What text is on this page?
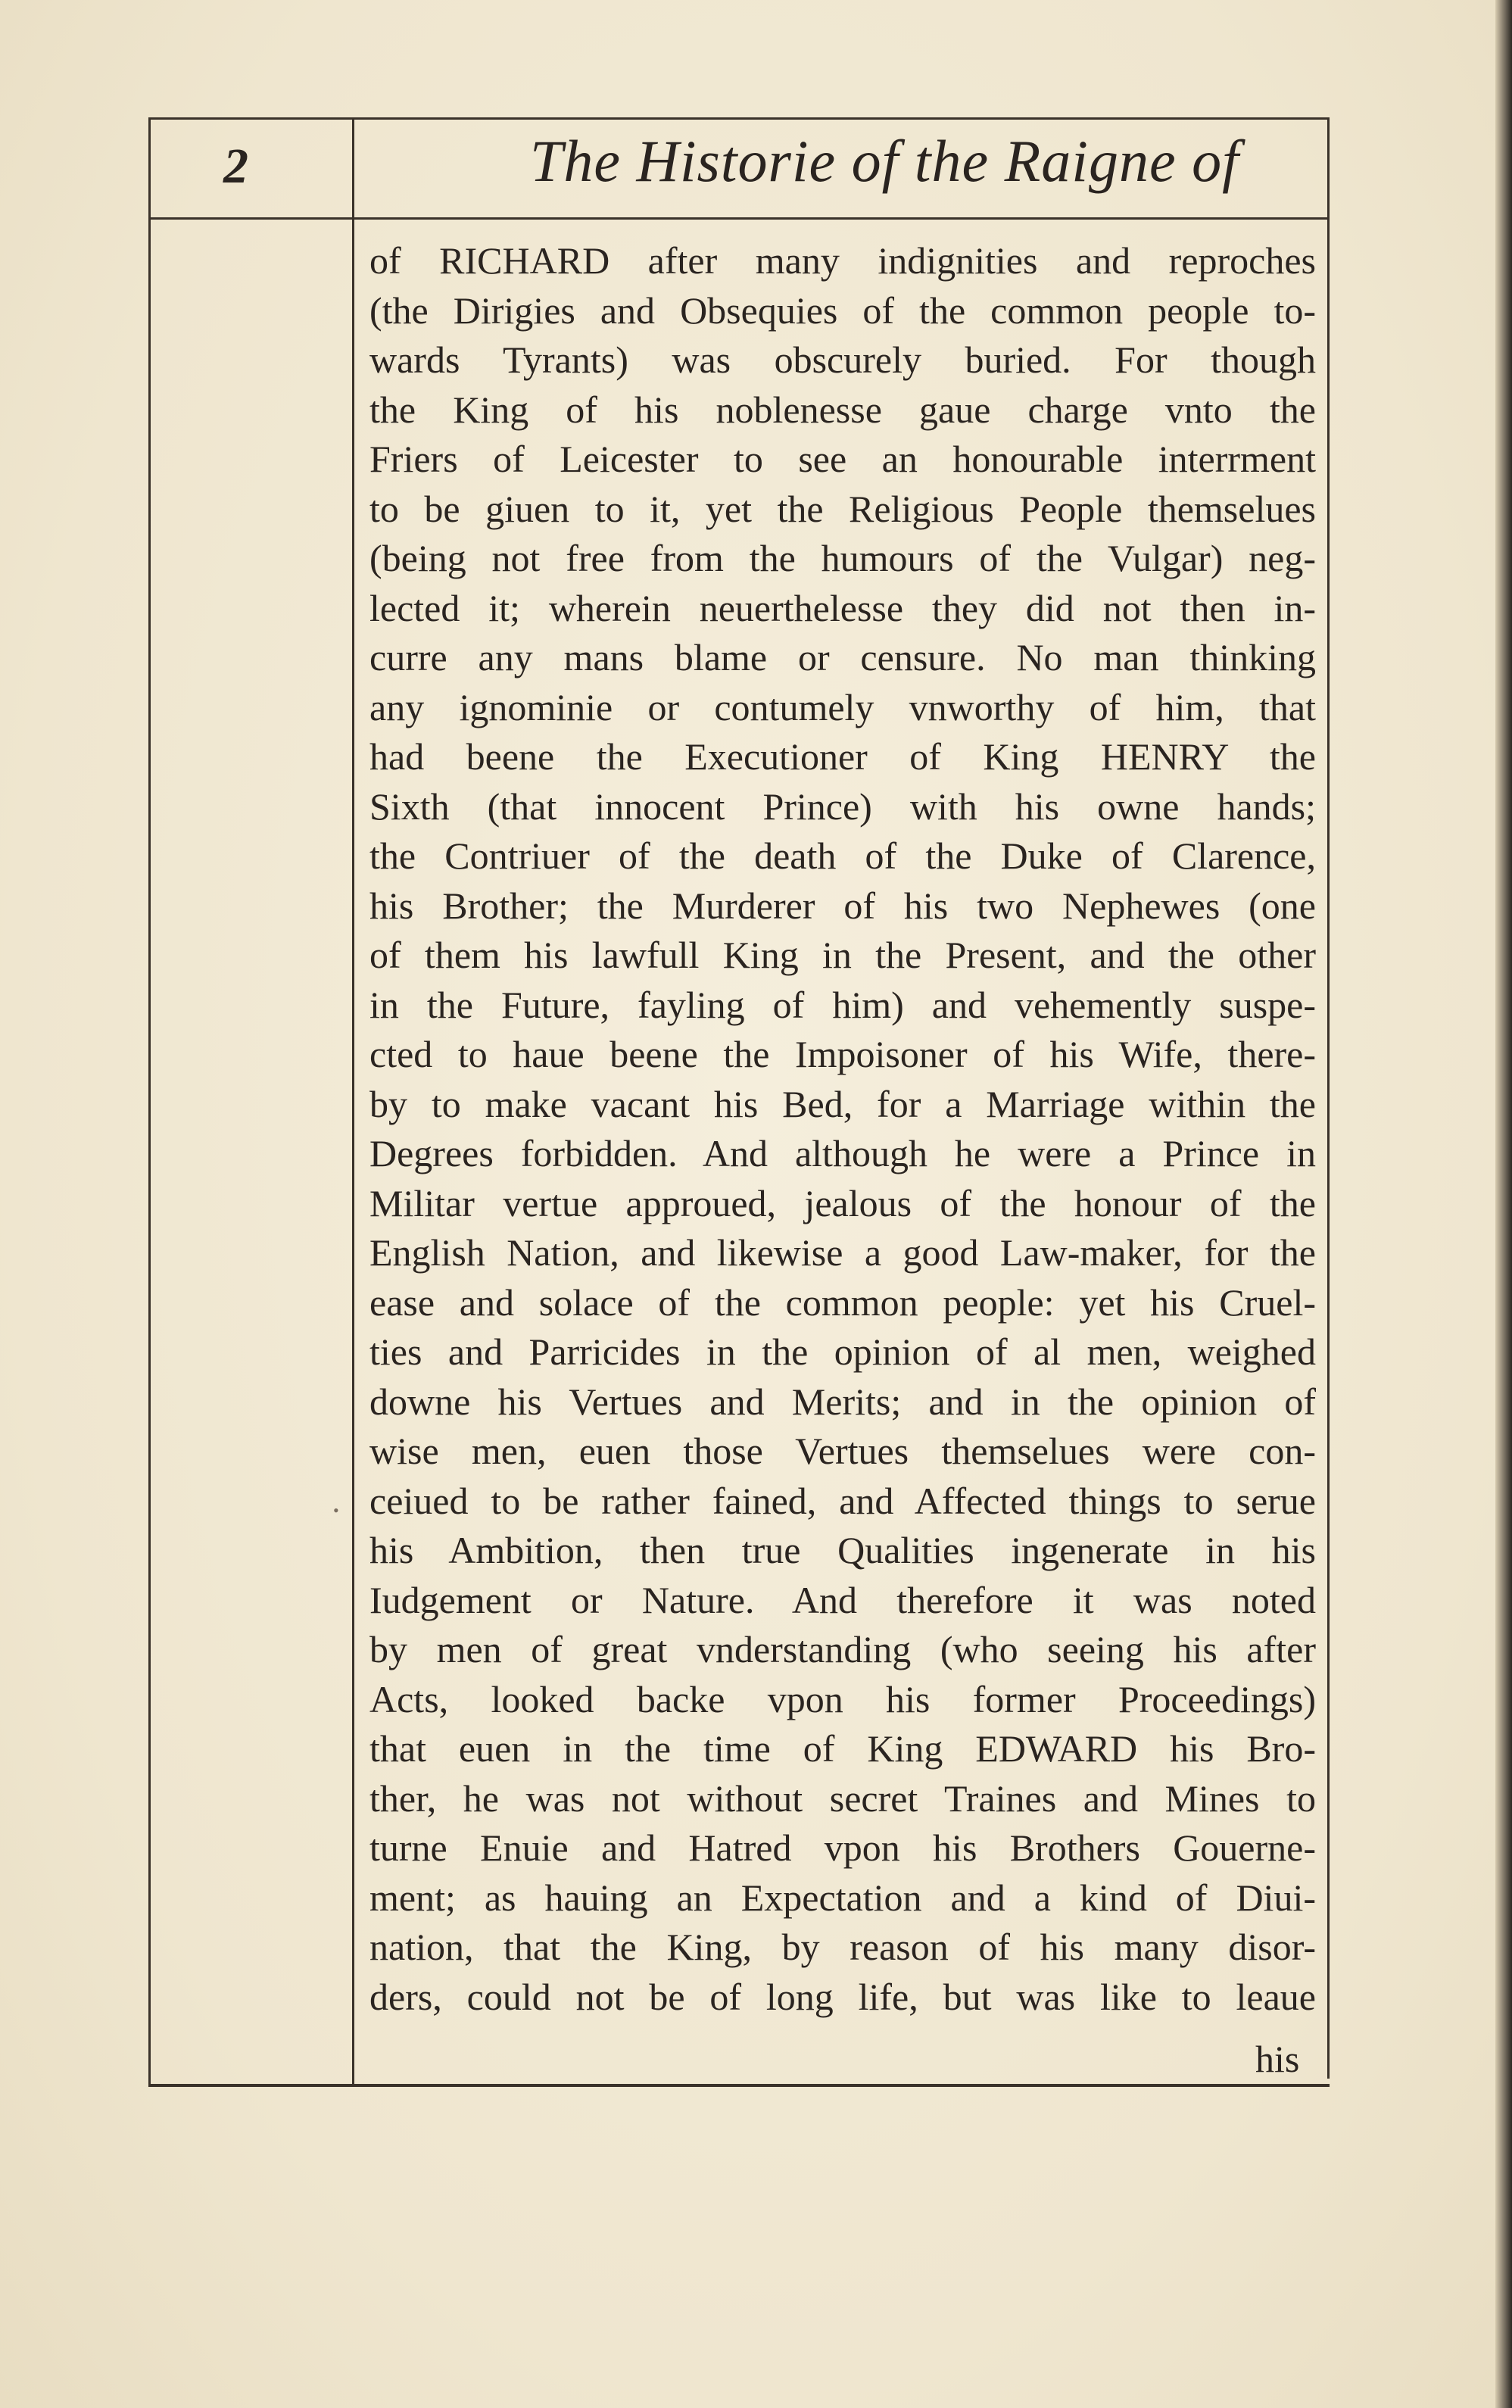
2	The Historie of the Raigne of
•
of RICHARD after many indignities and reproches
(the Dirigies and Obsequies of the common people to-
wards Tyrants) was obscurely buried. For though
the King of his noblenesse gaue charge vnto the
Friers of Leicester to see an honourable interrment
to be giuen to it, yet the Religious People themselues
(being not free from the humours of the Vulgar) neg-
lected it; wherein neuerthelesse they did not then in-
curre any mans blame or censure. No man thinking
any ignominie or contumely vnworthy of him, that
had beene the Executioner of King HENRY the
Sixth (that innocent Prince) with his owne hands;
the Contriuer of the death of the Duke of Clarence,
his Brother; the Murderer of his two Nephewes (one
of them his lawfull King in the Present, and the other
in the Future, fayling of him) and vehemently suspe-
cted to haue beene the Impoisoner of his Wife, there-
by to make vacant his Bed, for a Marriage within the
Degrees forbidden. And although he were a Prince in
Militar vertue approued, jealous of the honour of the
English Nation, and likewise a good Law-maker, for the
ease and solace of the common people: yet his Cruel-
ties and Parricides in the opinion of al men, weighed
downe his Vertues and Merits; and in the opinion of
wise men, euen those Vertues themselues were con-
ceiued to be rather fained, and Affected things to serue
his Ambition, then true Qualities ingenerate in his
Iudgement or Nature. And therefore it was noted
by men of great vnderstanding (who seeing his after
Acts, looked backe vpon his former Proceedings)
that euen in the time of King EDWARD his Bro-
ther, he was not without secret Traines and Mines to
turne Enuie and Hatred vpon his Brothers Gouerne-
ment; as hauing an Expectation and a kind of Diui-
nation, that the King, by reason of his many disor-
ders, could not be of long life, but was like to leaue
his
